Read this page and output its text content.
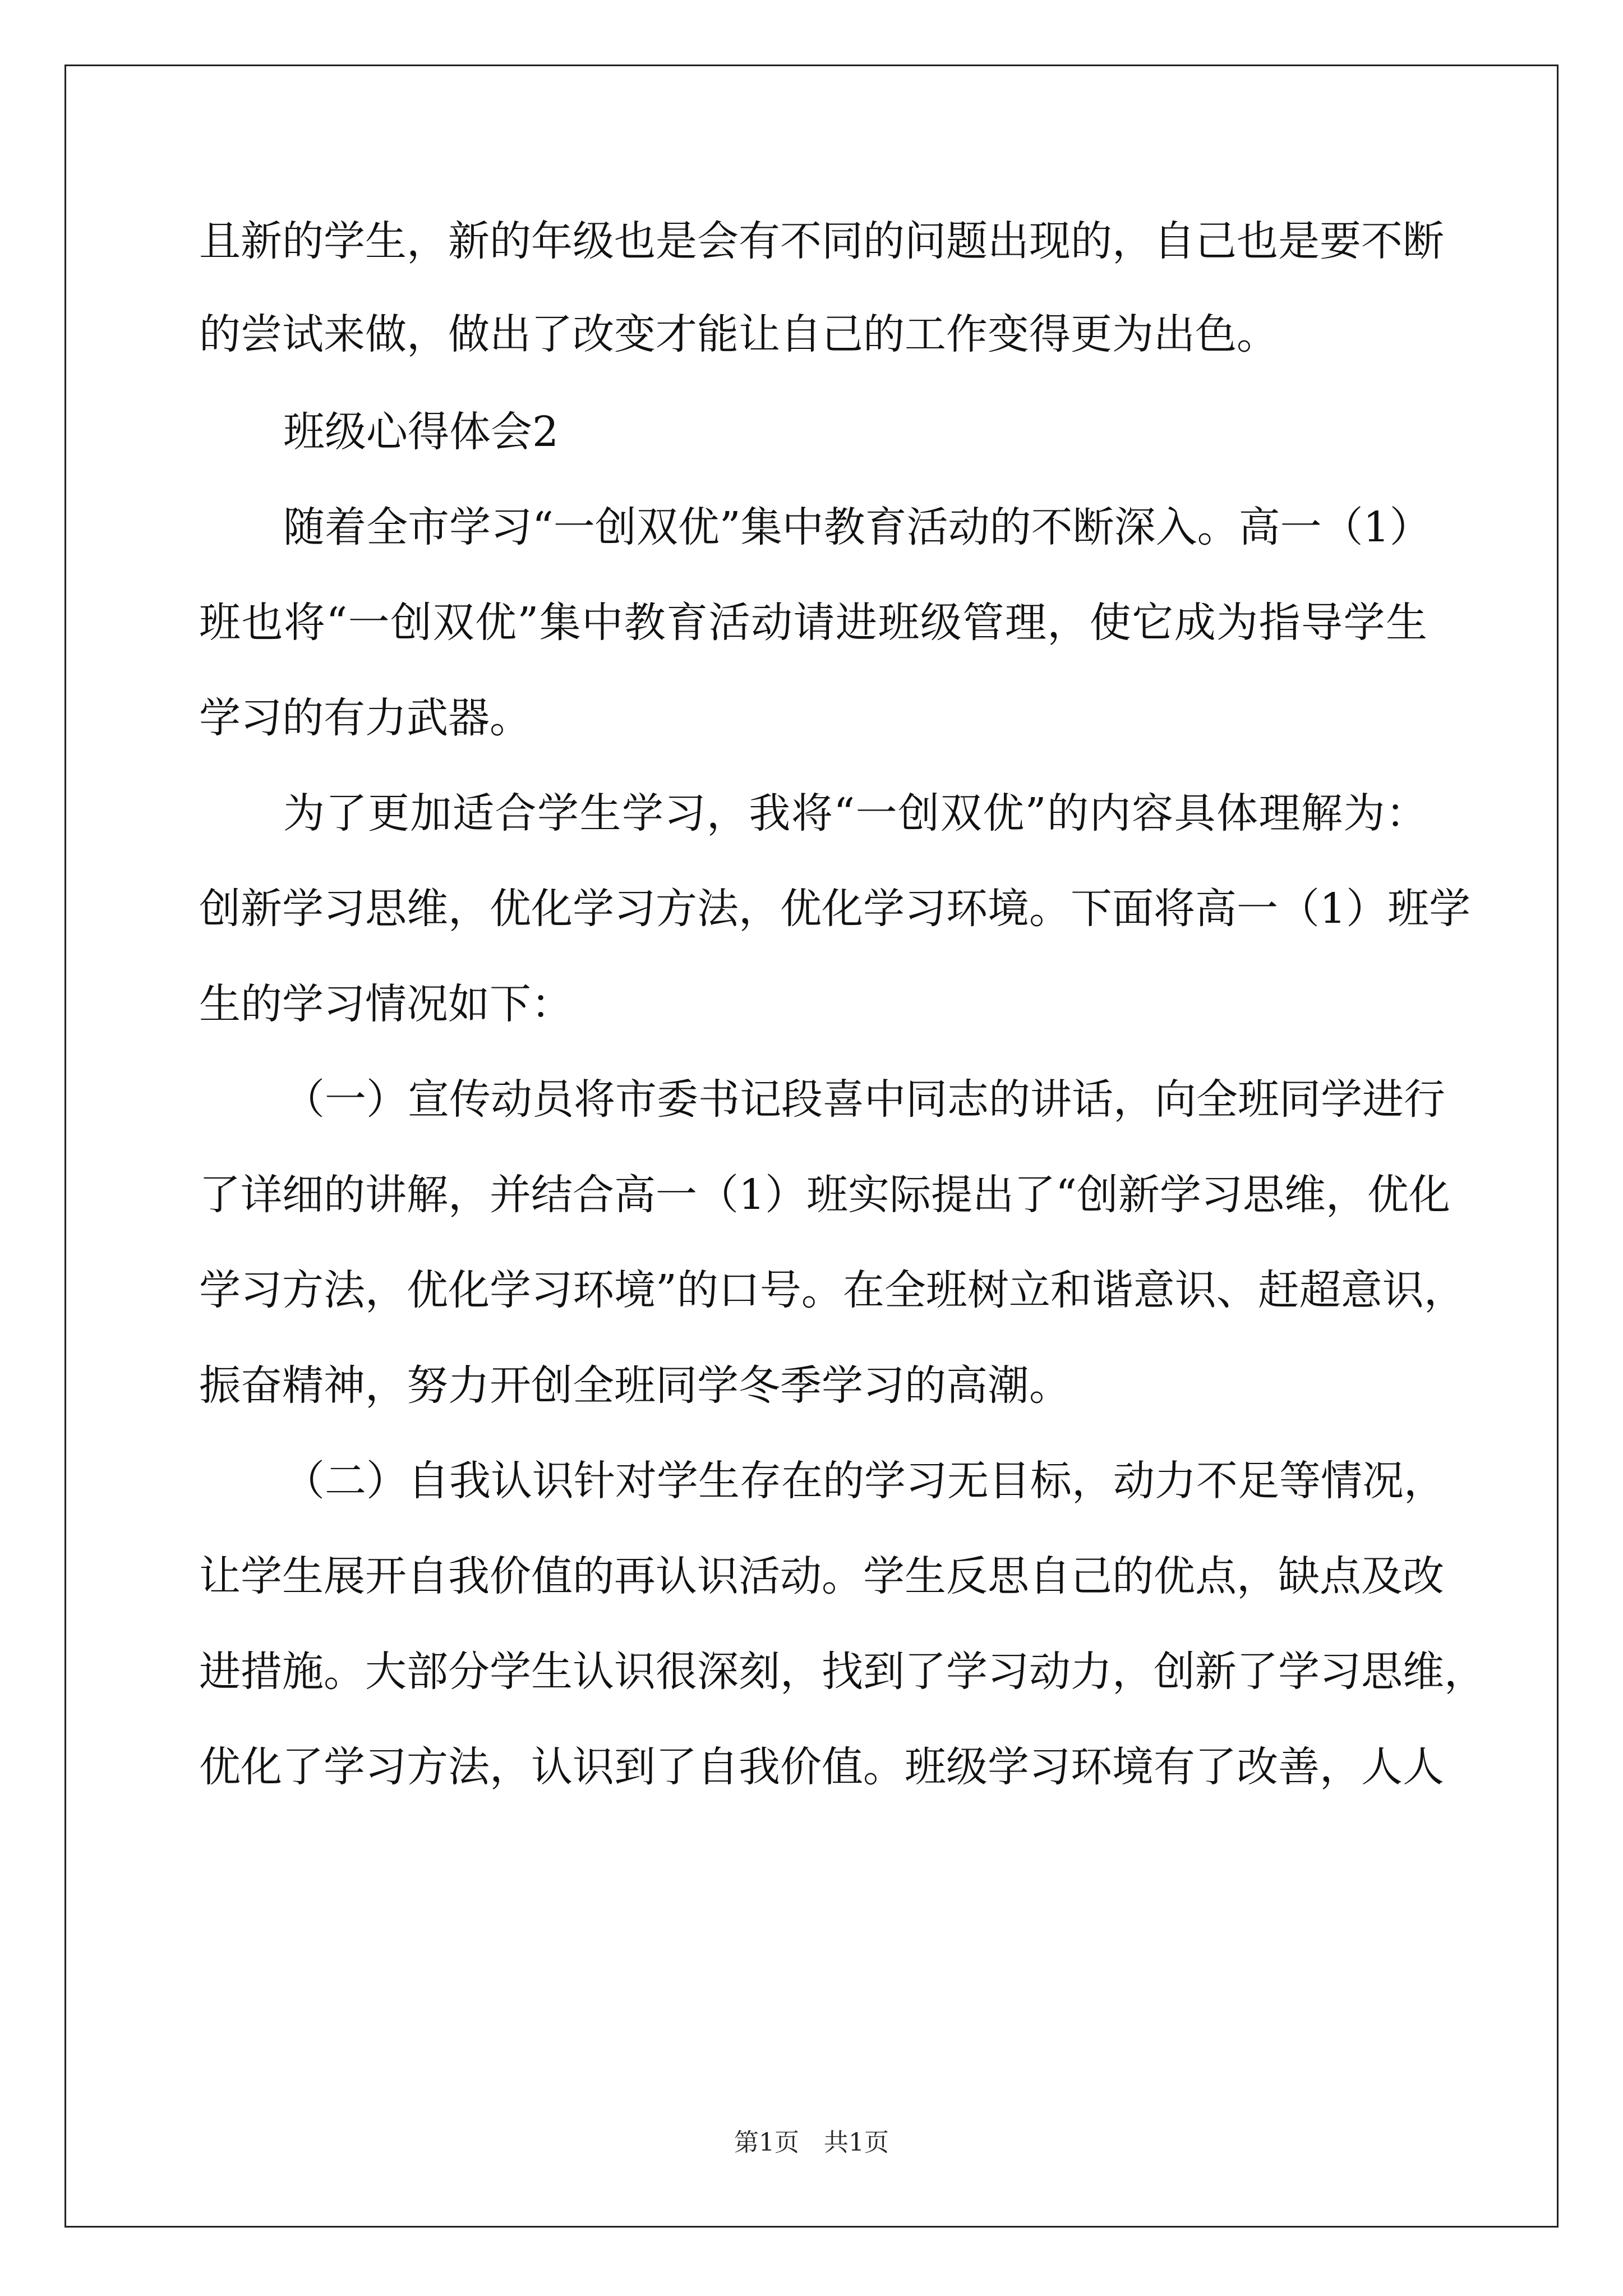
且新的学生，新的年级也是会有不同的问题出现的，自己也是要不断
的尝试来做，做出了改变才能让自己的工作变得更为出色。
班级心得体会2
随着全市学习“一创双优”集中教育活动的不断深入。高一（1）
班也将“一创双优”集中教育活动请进班级管理，使它成为指导学生
学习的有力武器。
为了更加适合学生学习，我将“一创双优”的内容具体理解为：
创新学习思维，优化学习方法，优化学习环境。下面将高一（1）班学
生的学习情况如下：
（一）宣传动员将市委书记段喜中同志的讲话，向全班同学进行
了详细的讲解，并结合高一（1）班实际提出了“创新学习思维，优化
学习方法，优化学习环境”的口号。在全班树立和谐意识、赶超意识，
振奋精神，努力开创全班同学冬季学习的高潮。
（二）自我认识针对学生存在的学习无目标，动力不足等情况，
让学生展开自我价值的再认识活动。学生反思自己的优点，缺点及改
进措施。大部分学生认识很深刻，找到了学习动力，创新了学习思维，
优化了学习方法，认识到了自我价值。班级学习环境有了改善，人人
第1页　共1页
